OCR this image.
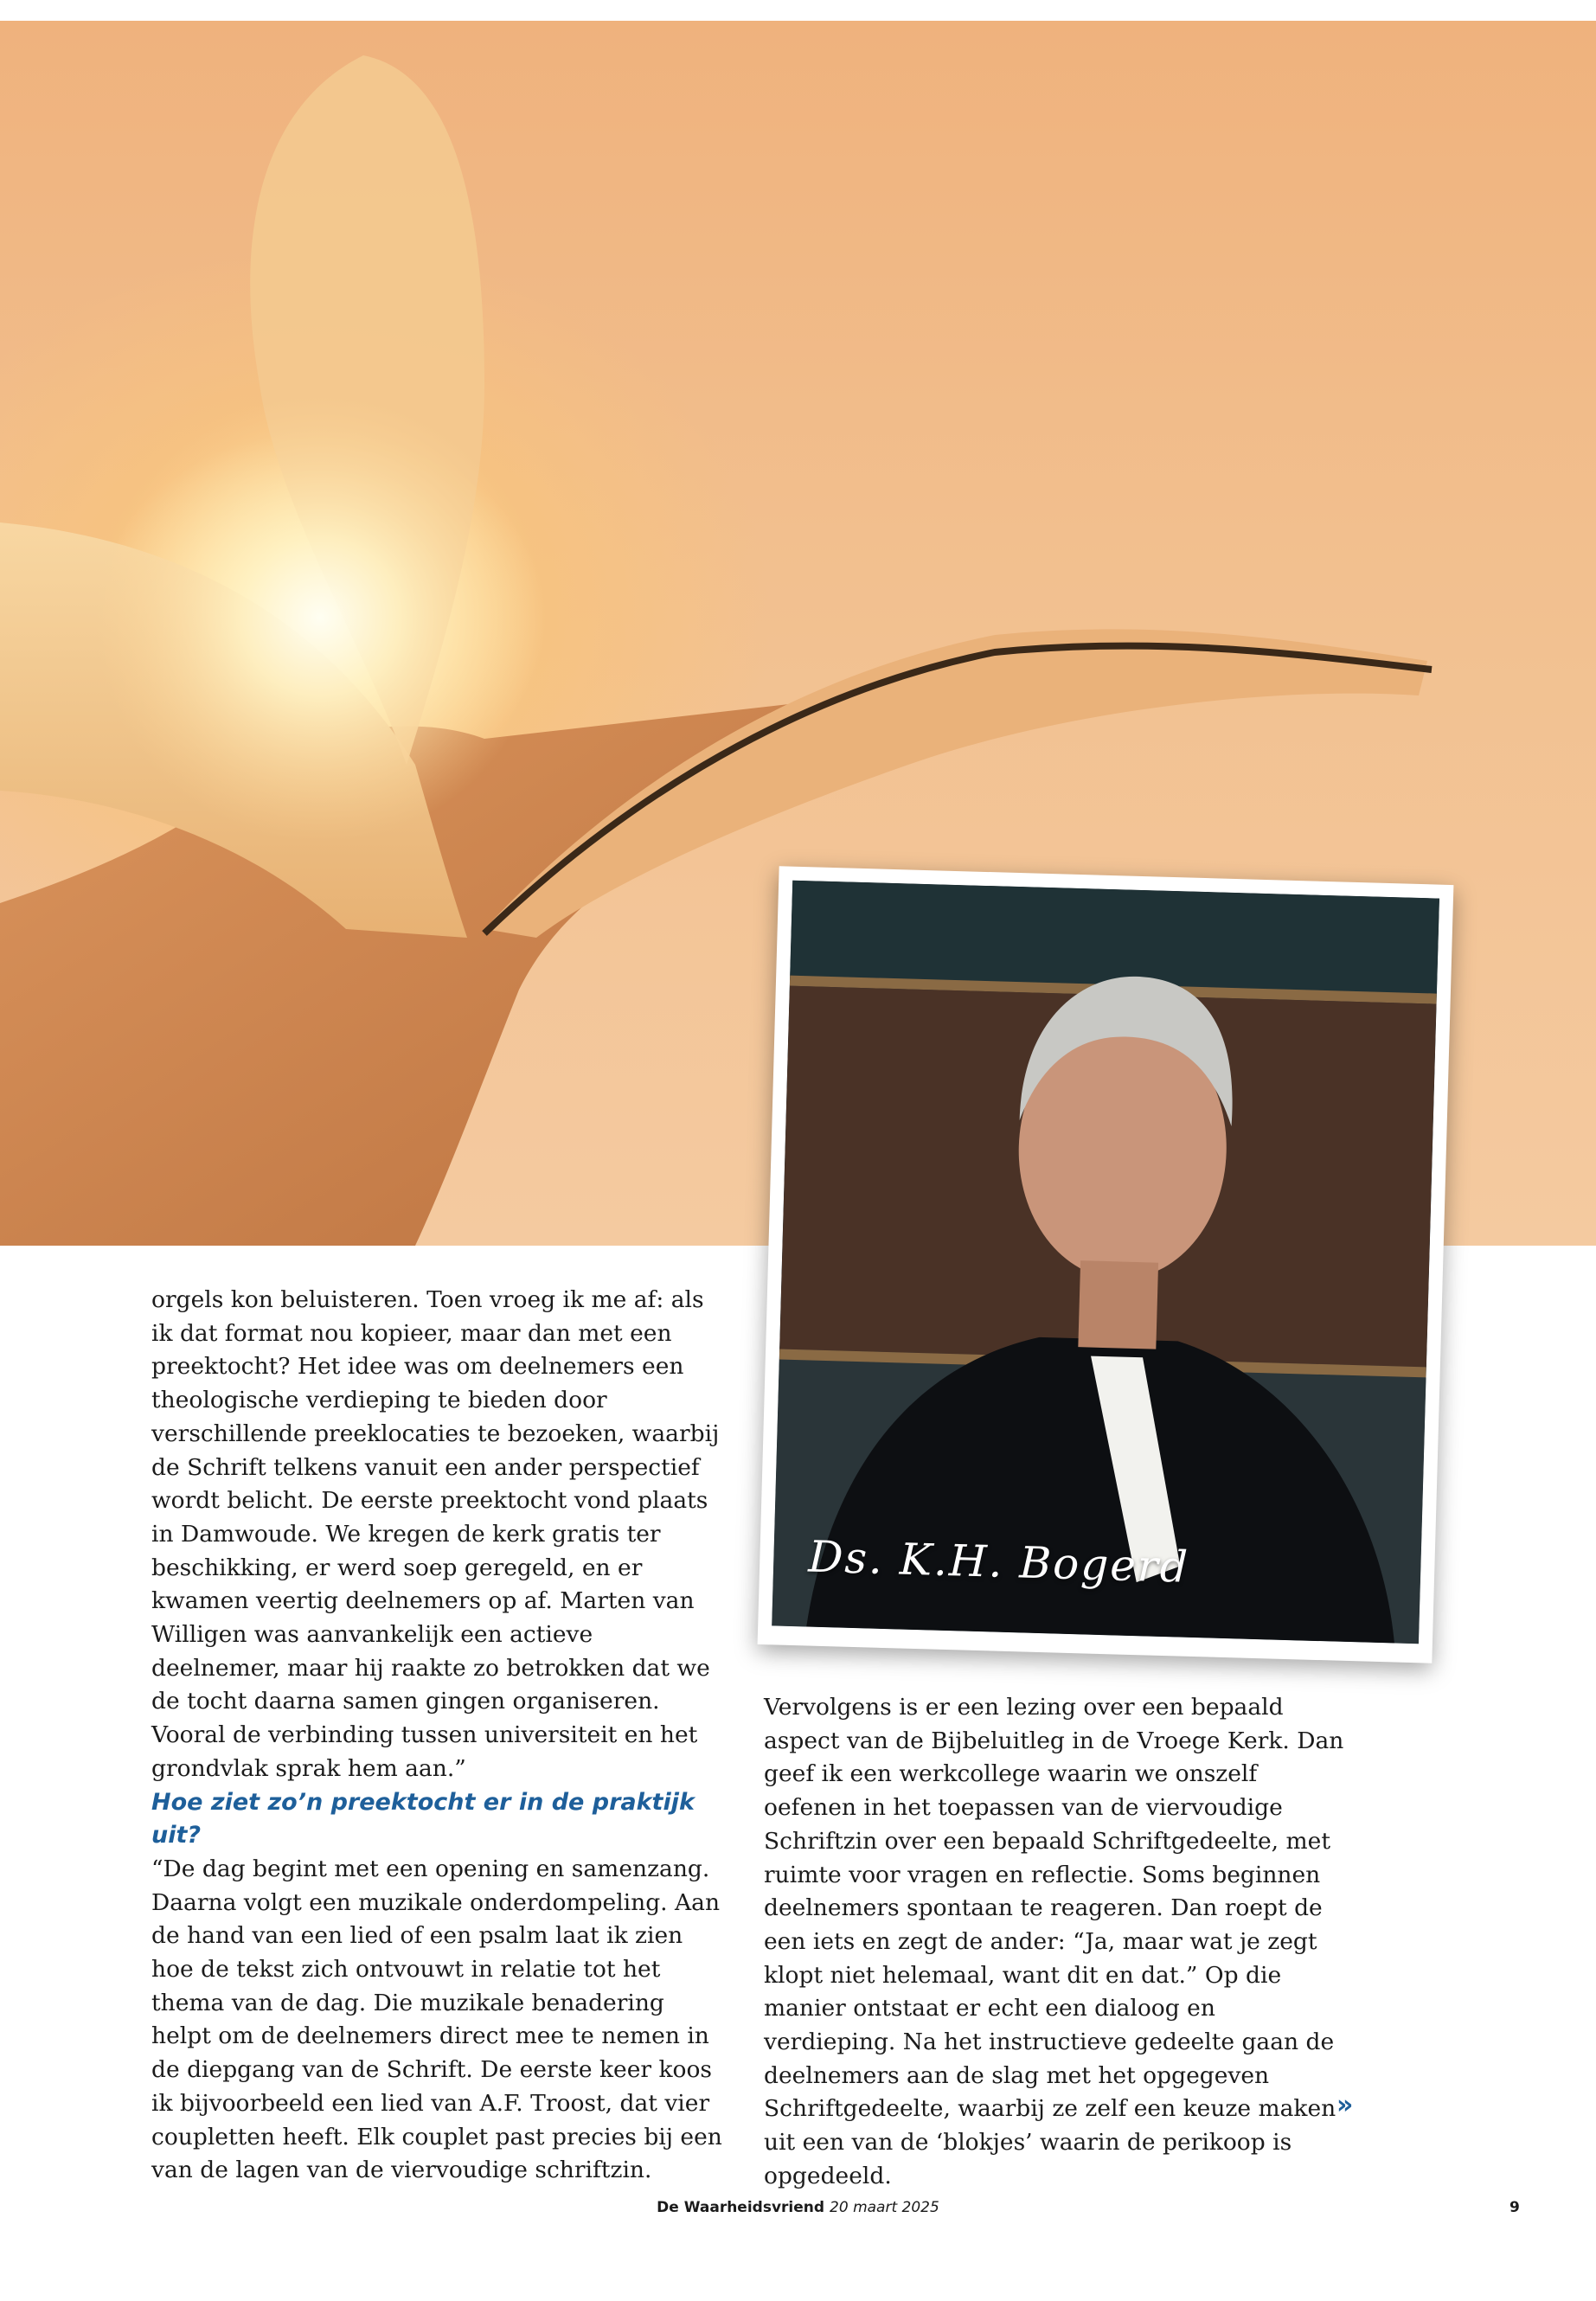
Ds. K.H. Bogerd

orgels kon beluisteren. Toen vroeg ik me af: als ik dat format nou kopieer, maar dan met een preektocht? Het idee was om deelnemers een theologische verdieping te bieden door verschillende preeklocaties te bezoeken, waarbij de Schrift telkens vanuit een ander perspectief wordt belicht. De eerste preektocht vond plaats in Damwoude. We kregen de kerk gratis ter beschikking, er werd soep geregeld, en er kwamen veertig deelnemers op af. Marten van Willigen was aanvankelijk een actieve deelnemer, maar hij raakte zo betrokken dat we de tocht daarna samen gingen organiseren. Vooral de verbinding tussen universiteit en het grondvlak sprak hem aan.”

Hoe ziet zo’n preektocht er in de praktijk uit?

“De dag begint met een opening en samenzang. Daarna volgt een muzikale onderdompeling. Aan de hand van een lied of een psalm laat ik zien hoe de tekst zich ontvouwt in relatie tot het thema van de dag. Die muzikale benadering helpt om de deelnemers direct mee te nemen in de diepgang van de Schrift. De eerste keer koos ik bijvoorbeeld een lied van A.F. Troost, dat vier coupletten heeft. Elk couplet past precies bij een van de lagen van de viervoudige schriftzin.

Vervolgens is er een lezing over een bepaald aspect van de Bijbeluitleg in de Vroege Kerk. Dan geef ik een werkcollege waarin we onszelf oefenen in het toepassen van de viervoudige Schriftzin over een bepaald Schriftgedeelte, met ruimte voor vragen en reflectie. Soms beginnen deelnemers spontaan te reageren. Dan roept de een iets en zegt de ander: “Ja, maar wat je zegt klopt niet helemaal, want dit en dat.” Op die manier ontstaat er echt een dialoog en verdieping. Na het instructieve gedeelte gaan de deelnemers aan de slag met het opgegeven Schriftgedeelte, waarbij ze zelf een keuze maken uit een van de ‘blokjes’ waarin de perikoop is opgedeeld.

»
De Waarheidsvriend 20 maart 2025	9
